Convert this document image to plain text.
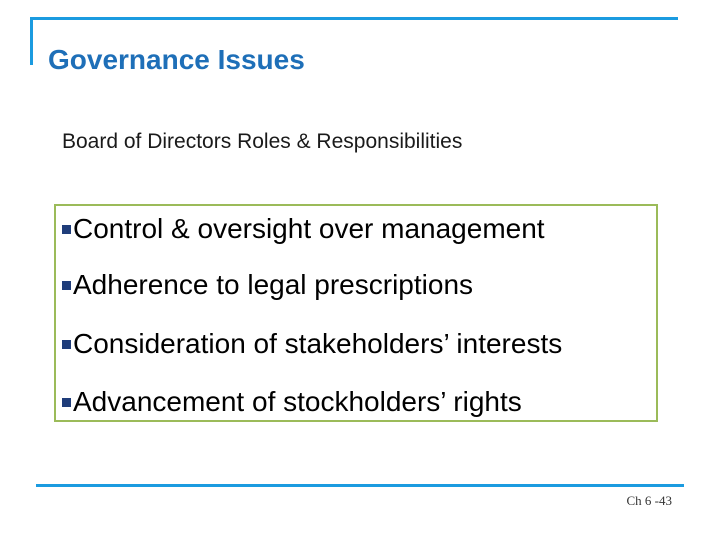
Governance Issues

Board of Directors Roles & Responsibilities

Control & oversight over management
Adherence to legal prescriptions
Consideration of stakeholders’ interests
Advancement of stockholders’ rights
Ch 6 -43
